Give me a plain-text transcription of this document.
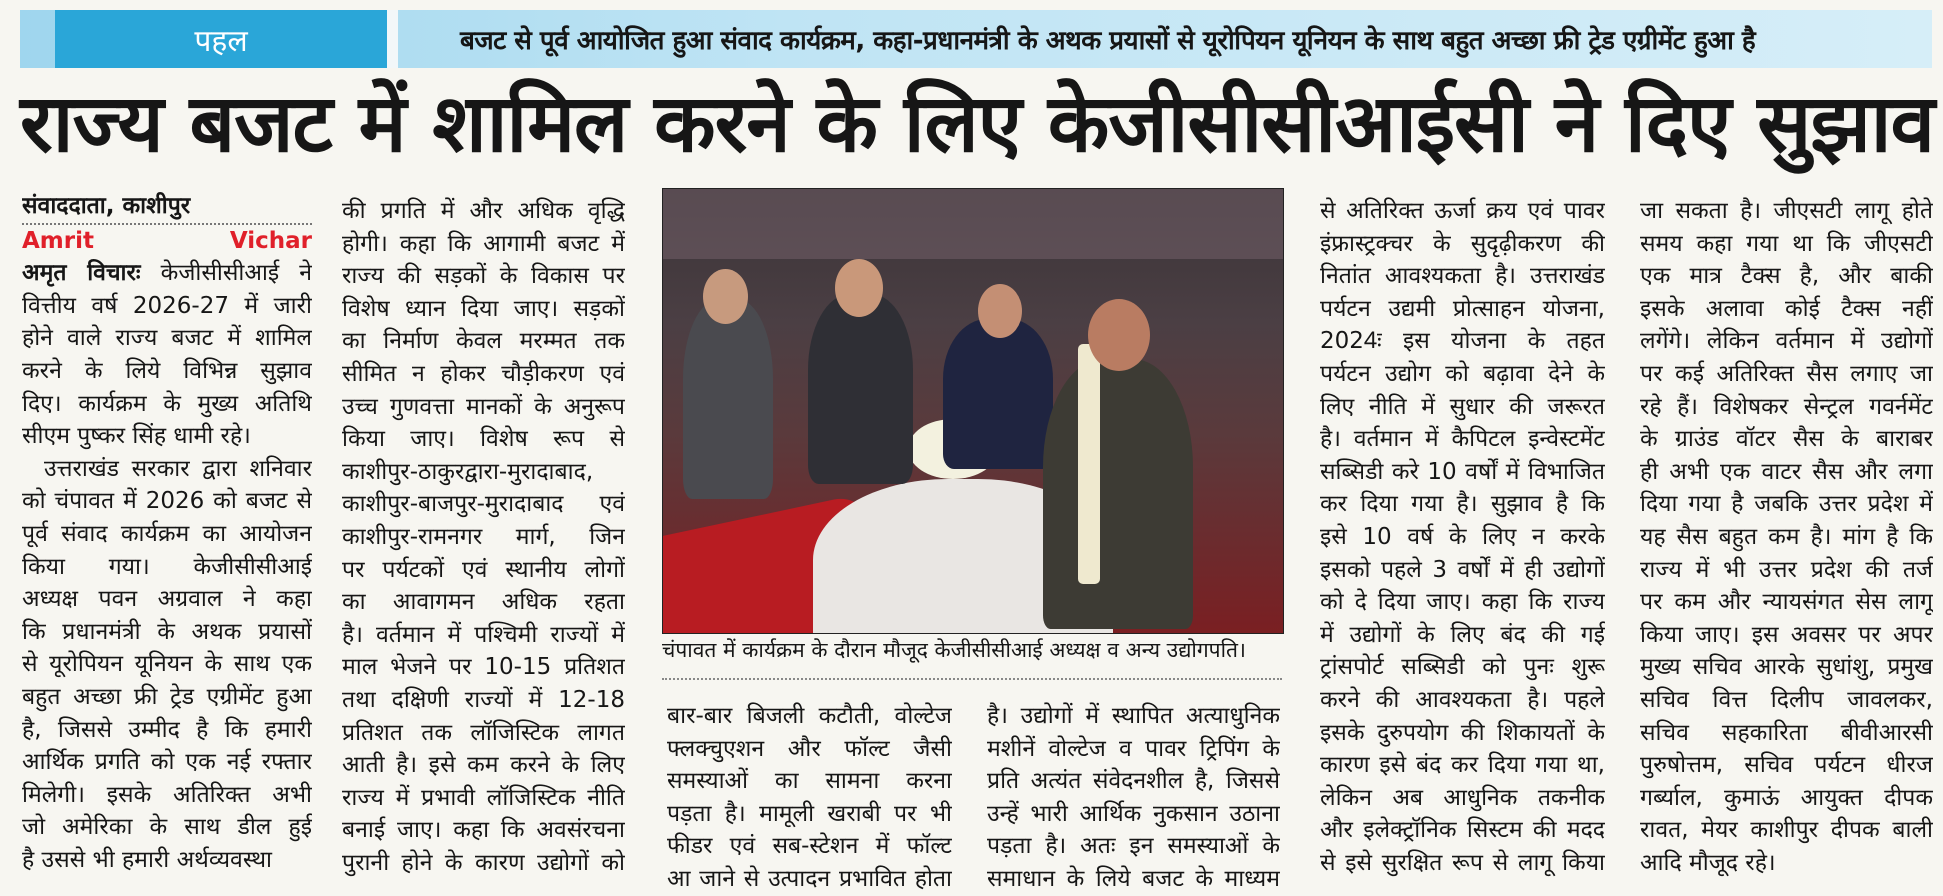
पहल	बजट से पूर्व आयोजित हुआ संवाद कार्यक्रम, कहा-प्रधानमंत्री के अथक प्रयासों से यूरोपियन यूनियन के साथ बहुत अच्छा फ्री ट्रेड एग्रीमेंट हुआ है
राज्य बजट में शामिल करने के लिए केजीसीसीआईसी ने दिए सुझाव
संवाददाता, काशीपुर
Amrit Vichar
अमृत विचारः केजीसीसीआई ने
वित्तीय वर्ष 2026-27 में जारी
होने वाले राज्य बजट में शामिल
करने के लिये विभिन्न सुझाव
दिए। कार्यक्रम के मुख्य अतिथि
सीएम पुष्कर सिंह धामी रहे।
उत्तराखंड सरकार द्वारा शनिवार
को चंपावत में 2026 को बजट से
पूर्व संवाद कार्यक्रम का आयोजन
किया गया। केजीसीसीआई
अध्यक्ष पवन अग्रवाल ने कहा
कि प्रधानमंत्री के अथक प्रयासों
से यूरोपियन यूनियन के साथ एक
बहुत अच्छा फ्री ट्रेड एग्रीमेंट हुआ
है, जिससे उम्मीद है कि हमारी
आर्थिक प्रगति को एक नई रफ्तार
मिलेगी। इसके अतिरिक्त अभी
जो अमेरिका के साथ डील हुई
है उससे भी हमारी अर्थव्यवस्था
की प्रगति में और अधिक वृद्धि
होगी। कहा कि आगामी बजट में
राज्य की सड़कों के विकास पर
विशेष ध्यान दिया जाए। सड़कों
का निर्माण केवल मरम्मत तक
सीमित न होकर चौड़ीकरण एवं
उच्च गुणवत्ता मानकों के अनुरूप
किया जाए। विशेष रूप से
काशीपुर-ठाकुरद्वारा-मुरादाबाद,
काशीपुर-बाजपुर-मुरादाबाद एवं
काशीपुर-रामनगर मार्ग, जिन
पर पर्यटकों एवं स्थानीय लोगों
का आवागमन अधिक रहता
है। वर्तमान में पश्चिमी राज्यों में
माल भेजने पर 10-15 प्रतिशत
तथा दक्षिणी राज्यों में 12-18
प्रतिशत तक लॉजिस्टिक लागत
आती है। इसे कम करने के लिए
राज्य में प्रभावी लॉजिस्टिक नीति
बनाई जाए। कहा कि अवसंरचना
पुरानी होने के कारण उद्योगों को
चंपावत में कार्यक्रम के दौरान मौजूद केजीसीसीआई अध्यक्ष व अन्य उद्योगपति।
बार-बार बिजली कटौती, वोल्टेज
फ्लक्चुएशन और फॉल्ट जैसी
समस्याओं का सामना करना
पड़ता है। मामूली खराबी पर भी
फीडर एवं सब-स्टेशन में फॉल्ट
आ जाने से उत्पादन प्रभावित होता
है। उद्योगों में स्थापित अत्याधुनिक
मशीनें वोल्टेज व पावर ट्रिपिंग के
प्रति अत्यंत संवेदनशील है, जिससे
उन्हें भारी आर्थिक नुकसान उठाना
पड़ता है। अतः इन समस्याओं के
समाधान के लिये बजट के माध्यम
से अतिरिक्त ऊर्जा क्रय एवं पावर
इंफ्रास्ट्रक्चर के सुदृढ़ीकरण की
नितांत आवश्यकता है। उत्तराखंड
पर्यटन उद्यमी प्रोत्साहन योजना,
2024ः इस योजना के तहत
पर्यटन उद्योग को बढ़ावा देने के
लिए नीति में सुधार की जरूरत
है। वर्तमान में कैपिटल इन्वेस्टमेंट
सब्सिडी करे 10 वर्षों में विभाजित
कर दिया गया है। सुझाव है कि
इसे 10 वर्ष के लिए न करके
इसको पहले 3 वर्षों में ही उद्योगों
को दे दिया जाए। कहा कि राज्य
में उद्योगों के लिए बंद की गई
ट्रांसपोर्ट सब्सिडी को पुनः शुरू
करने की आवश्यकता है। पहले
इसके दुरुपयोग की शिकायतों के
कारण इसे बंद कर दिया गया था,
लेकिन अब आधुनिक तकनीक
और इलेक्ट्रॉनिक सिस्टम की मदद
से इसे सुरक्षित रूप से लागू किया
जा सकता है। जीएसटी लागू होते
समय कहा गया था कि जीएसटी
एक मात्र टैक्स है, और बाकी
इसके अलावा कोई टैक्स नहीं
लगेंगे। लेकिन वर्तमान में उद्योगों
पर कई अतिरिक्त सैस लगाए जा
रहे हैं। विशेषकर सेन्ट्रल गवर्नमेंट
के ग्राउंड वॉटर सैस के बाराबर
ही अभी एक वाटर सैस और लगा
दिया गया है जबकि उत्तर प्रदेश में
यह सैस बहुत कम है। मांग है कि
राज्य में भी उत्तर प्रदेश की तर्ज
पर कम और न्यायसंगत सेस लागू
किया जाए। इस अवसर पर अपर
मुख्य सचिव आरके सुधांशु, प्रमुख
सचिव वित्त दिलीप जावलकर,
सचिव सहकारिता बीवीआरसी
पुरुषोत्तम, सचिव पर्यटन धीरज
गर्ब्याल, कुमाऊं आयुक्त दीपक
रावत, मेयर काशीपुर दीपक बाली
आदि मौजूद रहे।
